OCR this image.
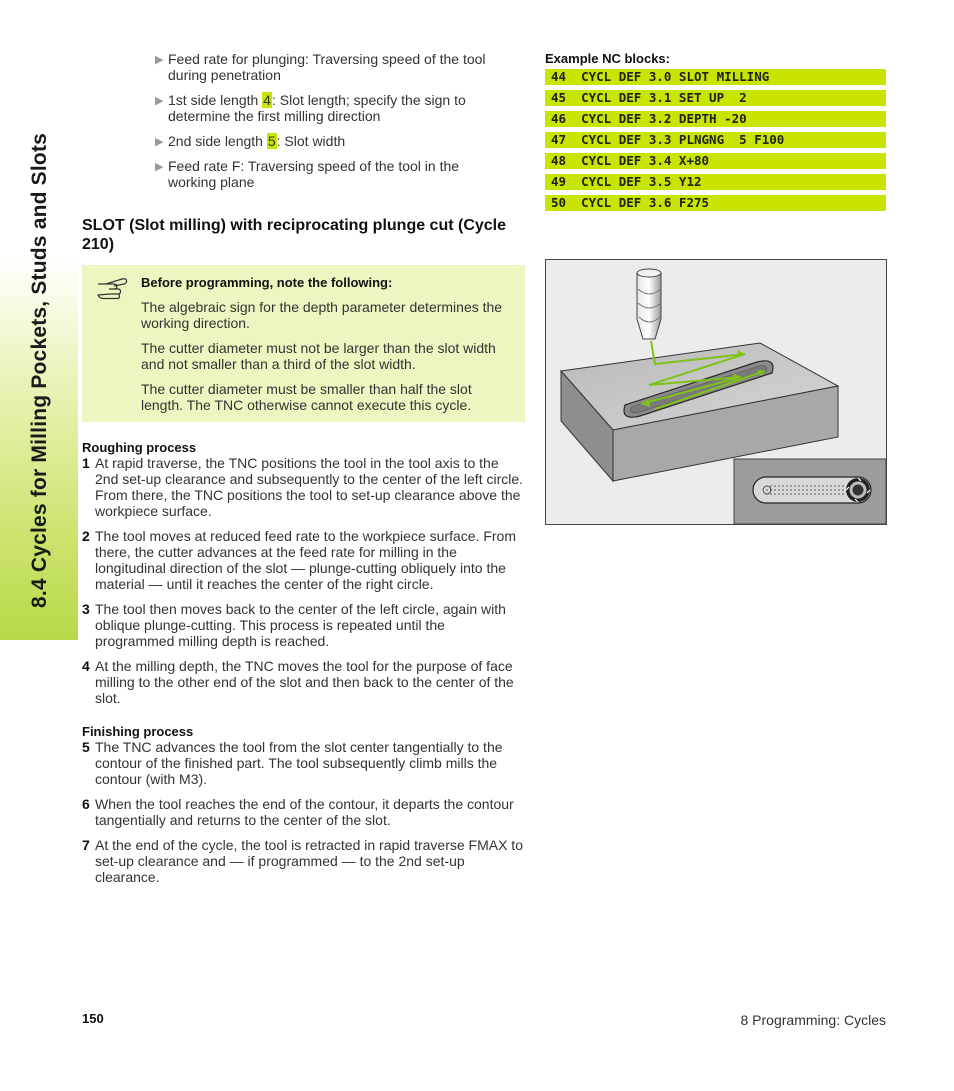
8.4 Cycles for Milling Pockets, Studs and Slots
▶ Feed rate for plunging: Traversing speed of the tool during penetration
▶ 1st side length 4: Slot length; specify the sign to determine the first milling direction
▶ 2nd side length 5: Slot width
▶ Feed rate F: Traversing speed of the tool in the working plane
SLOT (Slot milling) with reciprocating plunge cut (Cycle 210)
Before programming, note the following:

The algebraic sign for the depth parameter determines the working direction.

The cutter diameter must not be larger than the slot width and not smaller than a third of the slot width.

The cutter diameter must be smaller than half the slot length. The TNC otherwise cannot execute this cycle.

Roughing process
1 At rapid traverse, the TNC positions the tool in the tool axis to the 2nd set-up clearance and subsequently to the center of the left circle. From there, the TNC positions the tool to set-up clearance above the workpiece surface.
2 The tool moves at reduced feed rate to the workpiece surface. From there, the cutter advances at the feed rate for milling in the longitudinal direction of the slot — plunge-cutting obliquely into the material — until it reaches the center of the right circle.
3 The tool then moves back to the center of the left circle, again with oblique plunge-cutting. This process is repeated until the programmed milling depth is reached.
4 At the milling depth, the TNC moves the tool for the purpose of face milling to the other end of the slot and then back to the center of the slot.
Finishing process
5 The TNC advances the tool from the slot center tangentially to the contour of the finished part. The tool subsequently climb mills the contour (with M3).
6 When the tool reaches the end of the contour, it departs the contour tangentially and returns to the center of the slot.
7 At the end of the cycle, the tool is retracted in rapid traverse FMAX to set-up clearance and — if programmed — to the 2nd set-up clearance.
Example NC blocks:
44  CYCL DEF 3.0 SLOT MILLING
45  CYCL DEF 3.1 SET UP  2
46  CYCL DEF 3.2 DEPTH -20
47  CYCL DEF 3.3 PLNGNG  5 F100
48  CYCL DEF 3.4 X+80
49  CYCL DEF 3.5 Y12
50  CYCL DEF 3.6 F275
150	8 Programming: Cycles
